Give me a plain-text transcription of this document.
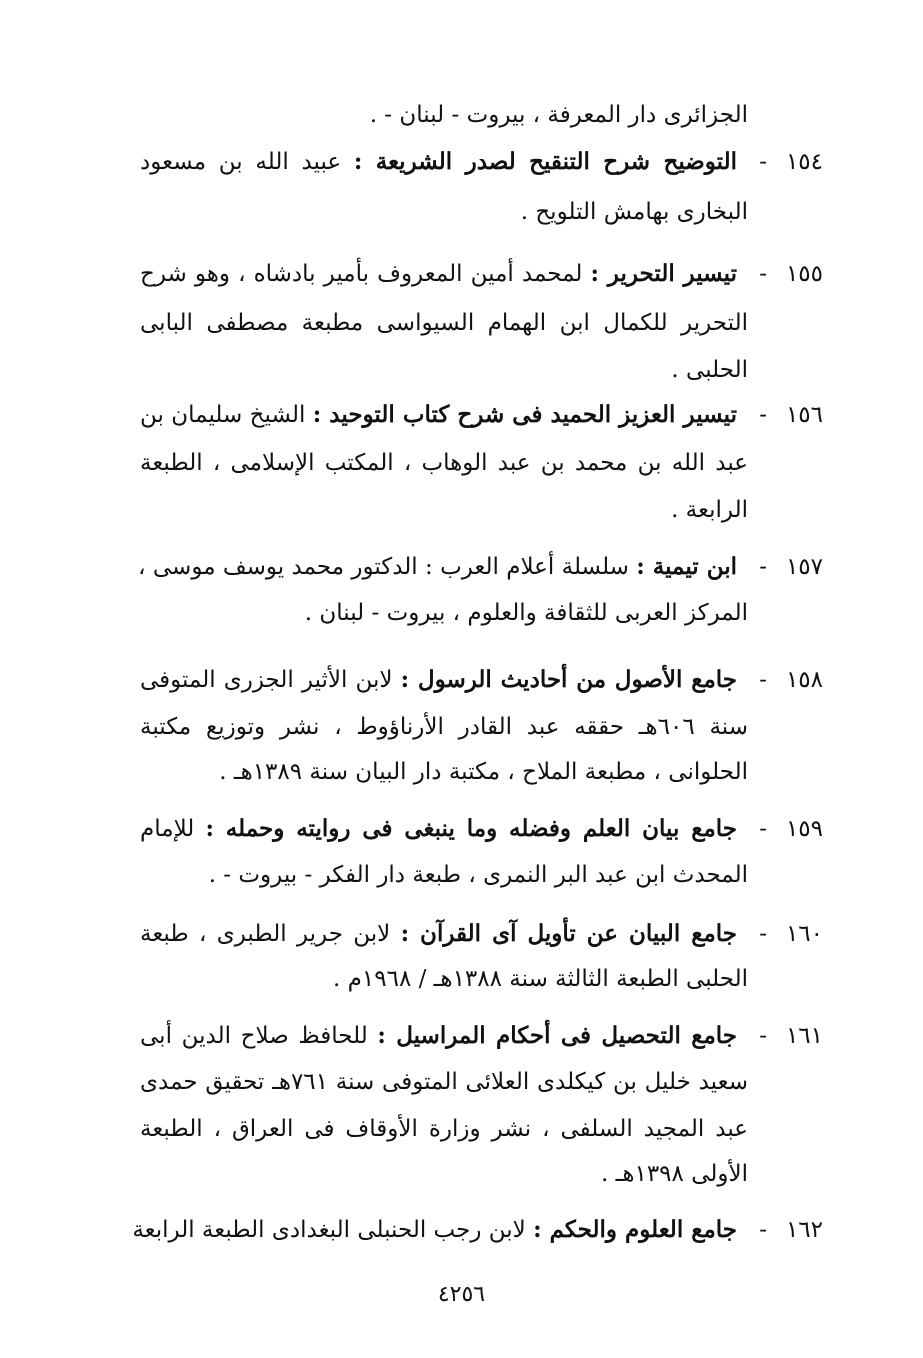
الجزائرى دار المعرفة ، بيروت - لبنان - .
١٥٤-التوضيح شرح التنقيح لصدر الشريعة : عبيد الله بن مسعود
البخارى بهامش التلويح .
١٥٥-تيسير التحرير : لمحمد أمين المعروف بأمير بادشاه ، وهو شرح
التحرير للكمال ابن الهمام السيواسى مطبعة مصطفى البابى
الحلبى .
١٥٦-تيسير العزيز الحميد فى شرح كتاب التوحيد : الشيخ سليمان بن
عبد الله بن محمد بن عبد الوهاب ، المكتب الإسلامى ، الطبعة
الرابعة .
١٥٧-ابن تيمية : سلسلة أعلام العرب : الدكتور محمد يوسف موسى ،
المركز العربى للثقافة والعلوم ، بيروت - لبنان .
١٥٨-جامع الأصول من أحاديث الرسول : لابن الأثير الجزرى المتوفى
سنة ٦٠٦هـ حققه عبد القادر الأرناؤوط ، نشر وتوزيع مكتبة
الحلوانى ، مطبعة الملاح ، مكتبة دار البيان سنة ١٣٨٩هـ .
١٥٩-جامع بيان العلم وفضله وما ينبغى فى روايته وحمله : للإمام
المحدث ابن عبد البر النمرى ، طبعة دار الفكر - بيروت - .
١٦٠-جامع البيان عن تأويل آى القرآن : لابن جرير الطبرى ، طبعة
الحلبى الطبعة الثالثة سنة ١٣٨٨هـ / ١٩٦٨م .
١٦١-جامع التحصيل فى أحكام المراسيل : للحافظ صلاح الدين أبى
سعيد خليل بن كيكلدى العلائى المتوفى سنة ٧٦١هـ تحقيق حمدى
عبد المجيد السلفى ، نشر وزارة الأوقاف فى العراق ، الطبعة
الأولى ١٣٩٨هـ .
١٦٢-جامع العلوم والحكم : لابن رجب الحنبلى البغدادى الطبعة الرابعة
٤٢٥٦
